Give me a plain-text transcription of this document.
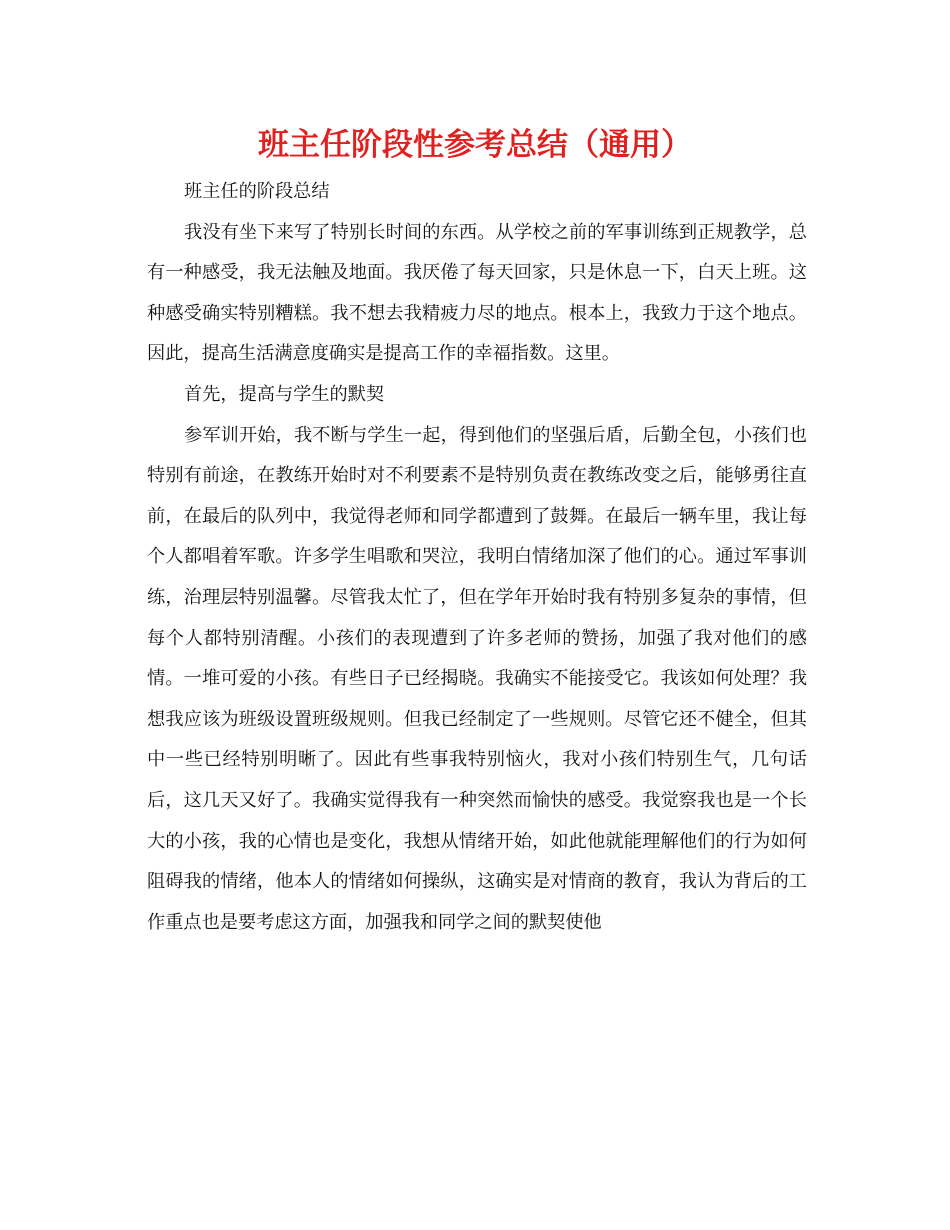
班主任阶段性参考总结（通用）

班主任的阶段总结

我没有坐下来写了特别长时间的东西。从学校之前的军事训练到正规教学，总有一种感受，我无法触及地面。我厌倦了每天回家，只是休息一下，白天上班。这种感受确实特别糟糕。我不想去我精疲力尽的地点。根本上，我致力于这个地点。因此，提高生活满意度确实是提高工作的幸福指数。这里。

首先，提高与学生的默契

参军训开始，我不断与学生一起，得到他们的坚强后盾，后勤全包，小孩们也特别有前途，在教练开始时对不利要素不是特别负责在教练改变之后，能够勇往直前，在最后的队列中，我觉得老师和同学都遭到了鼓舞。在最后一辆车里，我让每个人都唱着军歌。许多学生唱歌和哭泣，我明白情绪加深了他们的心。通过军事训练，治理层特别温馨。尽管我太忙了，但在学年开始时我有特别多复杂的事情，但每个人都特别清醒。小孩们的表现遭到了许多老师的赞扬，加强了我对他们的感情。一堆可爱的小孩。有些日子已经揭晓。我确实不能接受它。我该如何处理？我想我应该为班级设置班级规则。但我已经制定了一些规则。尽管它还不健全，但其中一些已经特别明晰了。因此有些事我特别恼火，我对小孩们特别生气，几句话后，这几天又好了。我确实觉得我有一种突然而愉快的感受。我觉察我也是一个长大的小孩，我的心情也是变化，我想从情绪开始，如此他就能理解他们的行为如何阻碍我的情绪，他本人的情绪如何操纵，这确实是对情商的教育，我认为背后的工作重点也是要考虑这方面，加强我和同学之间的默契使他
